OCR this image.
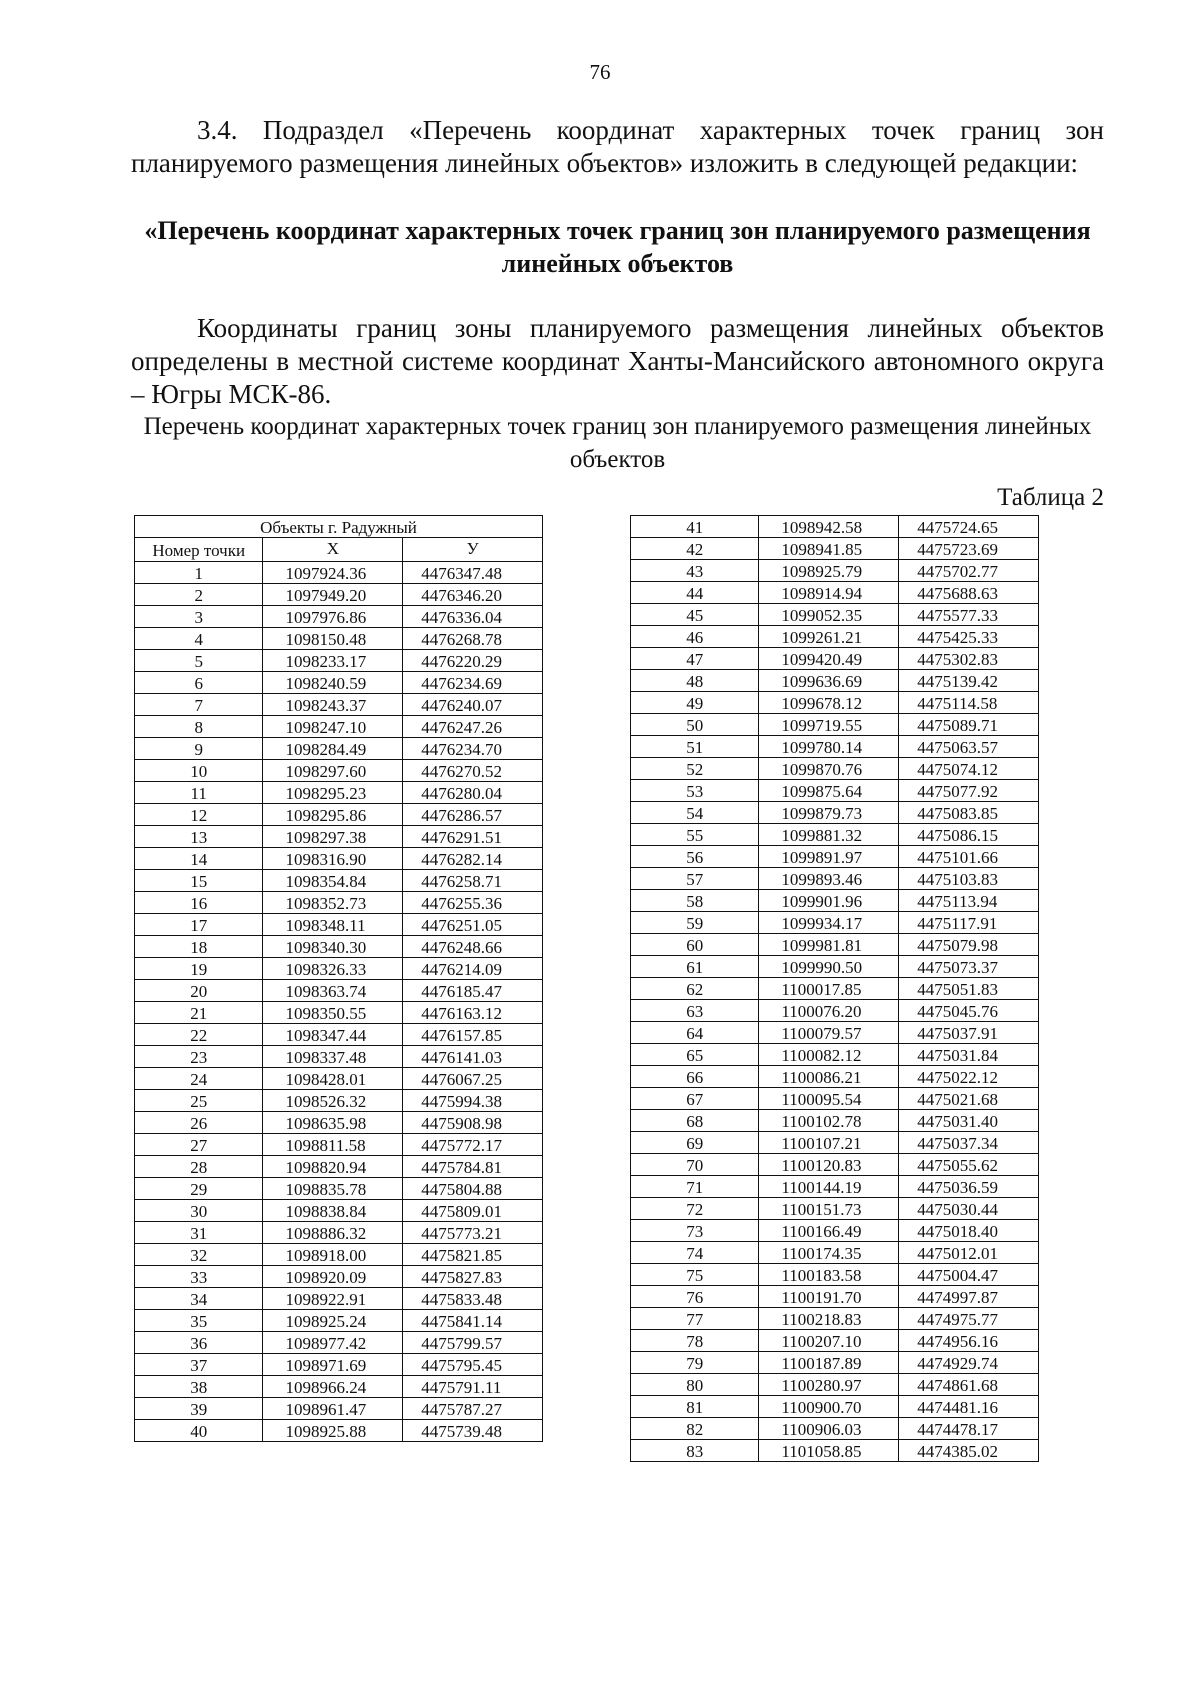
76

3.4. Подраздел «Перечень координат характерных точек границ зон планируемого размещения линейных объектов» изложить в следующей редакции:

«Перечень координат характерных точек границ зон планируемого размещения линейных объектов

Координаты границ зоны планируемого размещения линейных объектов определены в местной системе координат Ханты-Мансийского автономного округа – Югры МСК-86.

Перечень координат характерных точек границ зон планируемого размещения линейных объектов

Таблица 2
Объекты г. Радужный		
Номер точки	Х	У
1	1097924.36	4476347.48
2	1097949.20	4476346.20
3	1097976.86	4476336.04
4	1098150.48	4476268.78
5	1098233.17	4476220.29
6	1098240.59	4476234.69
7	1098243.37	4476240.07
8	1098247.10	4476247.26
9	1098284.49	4476234.70
10	1098297.60	4476270.52
11	1098295.23	4476280.04
12	1098295.86	4476286.57
13	1098297.38	4476291.51
14	1098316.90	4476282.14
15	1098354.84	4476258.71
16	1098352.73	4476255.36
17	1098348.11	4476251.05
18	1098340.30	4476248.66
19	1098326.33	4476214.09
20	1098363.74	4476185.47
21	1098350.55	4476163.12
22	1098347.44	4476157.85
23	1098337.48	4476141.03
24	1098428.01	4476067.25
25	1098526.32	4475994.38
26	1098635.98	4475908.98
27	1098811.58	4475772.17
28	1098820.94	4475784.81
29	1098835.78	4475804.88
30	1098838.84	4475809.01
31	1098886.32	4475773.21
32	1098918.00	4475821.85
33	1098920.09	4475827.83
34	1098922.91	4475833.48
35	1098925.24	4475841.14
36	1098977.42	4475799.57
37	1098971.69	4475795.45
38	1098966.24	4475791.11
39	1098961.47	4475787.27
40	1098925.88	4475739.48
41	1098942.58	4475724.65
42	1098941.85	4475723.69
43	1098925.79	4475702.77
44	1098914.94	4475688.63
45	1099052.35	4475577.33
46	1099261.21	4475425.33
47	1099420.49	4475302.83
48	1099636.69	4475139.42
49	1099678.12	4475114.58
50	1099719.55	4475089.71
51	1099780.14	4475063.57
52	1099870.76	4475074.12
53	1099875.64	4475077.92
54	1099879.73	4475083.85
55	1099881.32	4475086.15
56	1099891.97	4475101.66
57	1099893.46	4475103.83
58	1099901.96	4475113.94
59	1099934.17	4475117.91
60	1099981.81	4475079.98
61	1099990.50	4475073.37
62	1100017.85	4475051.83
63	1100076.20	4475045.76
64	1100079.57	4475037.91
65	1100082.12	4475031.84
66	1100086.21	4475022.12
67	1100095.54	4475021.68
68	1100102.78	4475031.40
69	1100107.21	4475037.34
70	1100120.83	4475055.62
71	1100144.19	4475036.59
72	1100151.73	4475030.44
73	1100166.49	4475018.40
74	1100174.35	4475012.01
75	1100183.58	4475004.47
76	1100191.70	4474997.87
77	1100218.83	4474975.77
78	1100207.10	4474956.16
79	1100187.89	4474929.74
80	1100280.97	4474861.68
81	1100900.70	4474481.16
82	1100906.03	4474478.17
83	1101058.85	4474385.02
